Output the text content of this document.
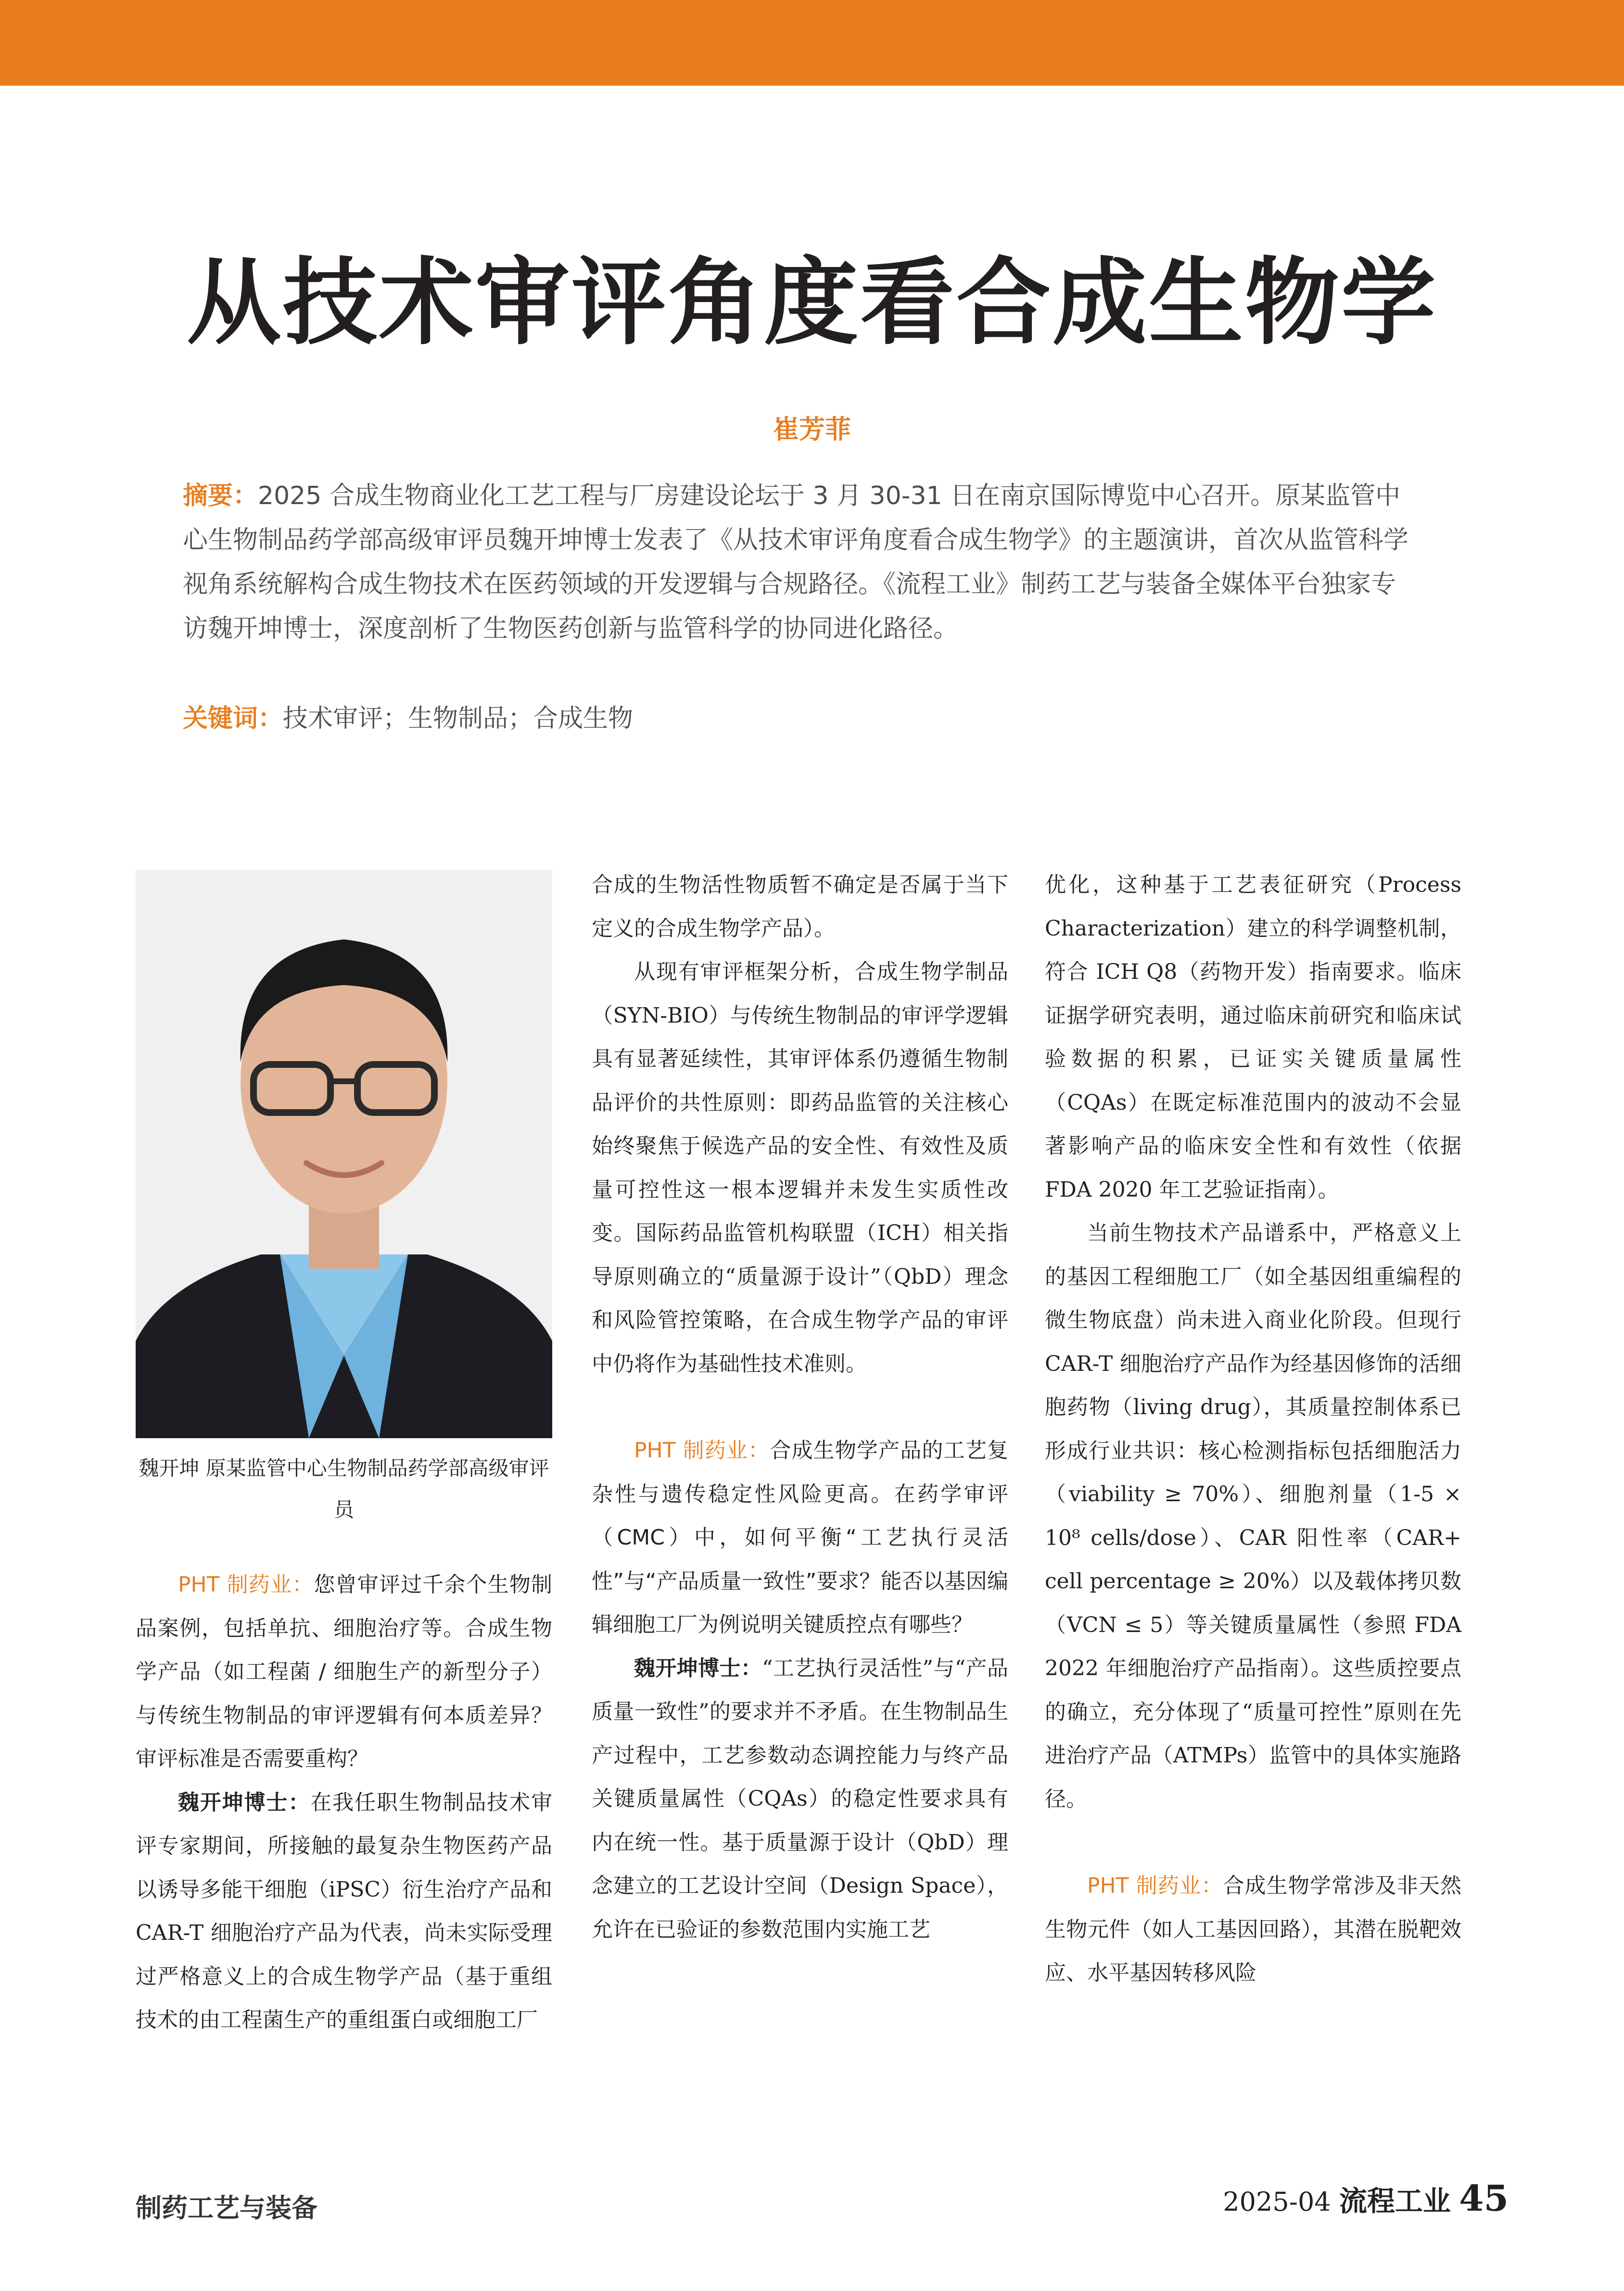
从技术审评角度看合成生物学
崔芳菲
摘要：2025 合成生物商业化工艺工程与厂房建设论坛于 3 月 30-31 日在南京国际博览中心召开。原某监管中心生物制品药学部高级审评员魏开坤博士发表了《从技术审评角度看合成生物学》的主题演讲，首次从监管科学视角系统解构合成生物技术在医药领域的开发逻辑与合规路径。《流程工业》制药工艺与装备全媒体平台独家专访魏开坤博士，深度剖析了生物医药创新与监管科学的协同进化路径。
关键词：技术审评；生物制品；合成生物
魏开坤 原某监管中心生物制品药学部高级审评员

PHT 制药业：您曾审评过千余个生物制品案例，包括单抗、细胞治疗等。合成生物学产品（如工程菌 / 细胞生产的新型分子）与传统生物制品的审评逻辑有何本质差异？审评标准是否需要重构？

魏开坤博士：在我任职生物制品技术审评专家期间，所接触的最复杂生物医药产品以诱导多能干细胞（iPSC）衍生治疗产品和 CAR-T 细胞治疗产品为代表，尚未实际受理过严格意义上的合成生物学产品（基于重组技术的由工程菌生产的重组蛋白或细胞工厂

合成的生物活性物质暂不确定是否属于当下定义的合成生物学产品）。

从现有审评框架分析，合成生物学制品（SYN-BIO）与传统生物制品的审评学逻辑具有显著延续性，其审评体系仍遵循生物制品评价的共性原则：即药品监管的关注核心始终聚焦于候选产品的安全性、有效性及质量可控性这一根本逻辑并未发生实质性改变。国际药品监管机构联盟（ICH）相关指导原则确立的“质量源于设计”（QbD）理念和风险管控策略，在合成生物学产品的审评中仍将作为基础性技术准则。

PHT 制药业：合成生物学产品的工艺复杂性与遗传稳定性风险更高。在药学审评（CMC）中，如何平衡“工艺执行灵活性”与“产品质量一致性”要求？能否以基因编辑细胞工厂为例说明关键质控点有哪些？

魏开坤博士：“工艺执行灵活性”与“产品质量一致性”的要求并不矛盾。在生物制品生产过程中，工艺参数动态调控能力与终产品关键质量属性（CQAs）的稳定性要求具有内在统一性。基于质量源于设计（QbD）理念建立的工艺设计空间（Design Space），允许在已验证的参数范围内实施工艺

优化，这种基于工艺表征研究（Process Characterization）建立的科学调整机制，符合 ICH Q8（药物开发）指南要求。临床证据学研究表明，通过临床前研究和临床试验数据的积累，已证实关键质量属性（CQAs）在既定标准范围内的波动不会显著影响产品的临床安全性和有效性（依据 FDA 2020 年工艺验证指南）。

当前生物技术产品谱系中，严格意义上的基因工程细胞工厂（如全基因组重编程的微生物底盘）尚未进入商业化阶段。但现行 CAR-T 细胞治疗产品作为经基因修饰的活细胞药物（living drug），其质量控制体系已形成行业共识：核心检测指标包括细胞活力（viability ≥ 70%）、细胞剂量（1-5 × 10⁸ cells/dose）、CAR 阳性率（CAR+ cell percentage ≥ 20%）以及载体拷贝数（VCN ≤ 5）等关键质量属性（参照 FDA 2022 年细胞治疗产品指南）。这些质控要点的确立，充分体现了“质量可控性”原则在先进治疗产品（ATMPs）监管中的具体实施路径。

PHT 制药业：合成生物学常涉及非天然生物元件（如人工基因回路），其潜在脱靶效应、水平基因转移风险

制药工艺与装备	2025-04 流程工业 45
